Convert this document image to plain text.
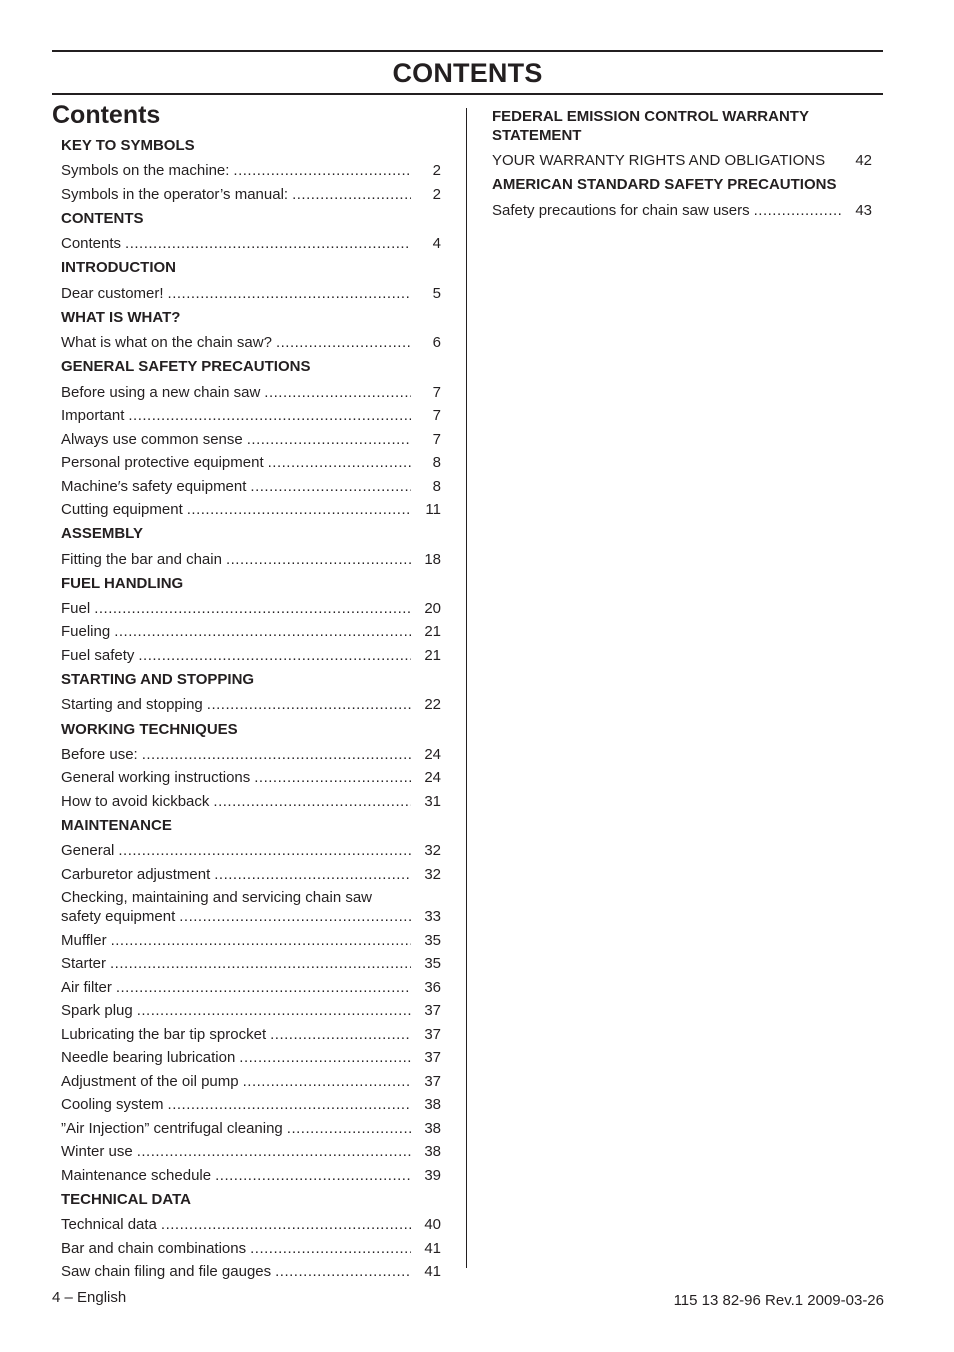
CONTENTS
Contents
KEY TO SYMBOLS
Symbols on the machine: .....	2
Symbols in the operator’s manual: .....	2
CONTENTS
Contents .....	4
INTRODUCTION
Dear customer! .....	5
WHAT IS WHAT?
What is what on the chain saw? .....	6
GENERAL SAFETY PRECAUTIONS
Before using a new chain saw .....	7
Important .....	7
Always use common sense .....	7
Personal protective equipment .....	8
Machine′s safety equipment .....	8
Cutting equipment .....	11
ASSEMBLY
Fitting the bar and chain .....	18
FUEL HANDLING
Fuel .....	20
Fueling .....	21
Fuel safety .....	21
STARTING AND STOPPING
Starting and stopping .....	22
WORKING TECHNIQUES
Before use: .....	24
General working instructions .....	24
How to avoid kickback .....	31
MAINTENANCE
General .....	32
Carburetor adjustment .....	32
Checking, maintaining and servicing chain saw
safety equipment .....	33
Muffler .....	35
Starter .....	35
Air filter .....	36
Spark plug .....	37
Lubricating the bar tip sprocket .....	37
Needle bearing lubrication .....	37
Adjustment of the oil pump .....	37
Cooling system .....	38
”Air Injection” centrifugal cleaning .....	38
Winter use .....	38
Maintenance schedule .....	39
TECHNICAL DATA
Technical data .....	40
Bar and chain combinations .....	41
Saw chain filing and file gauges .....	41
FEDERAL EMISSION CONTROL WARRANTY STATEMENT
YOUR WARRANTY RIGHTS AND OBLIGATIONS	42
AMERICAN STANDARD SAFETY PRECAUTIONS
Safety precautions for chain saw users .....	43
4 – English	115 13 82-96 Rev.1 2009-03-26
